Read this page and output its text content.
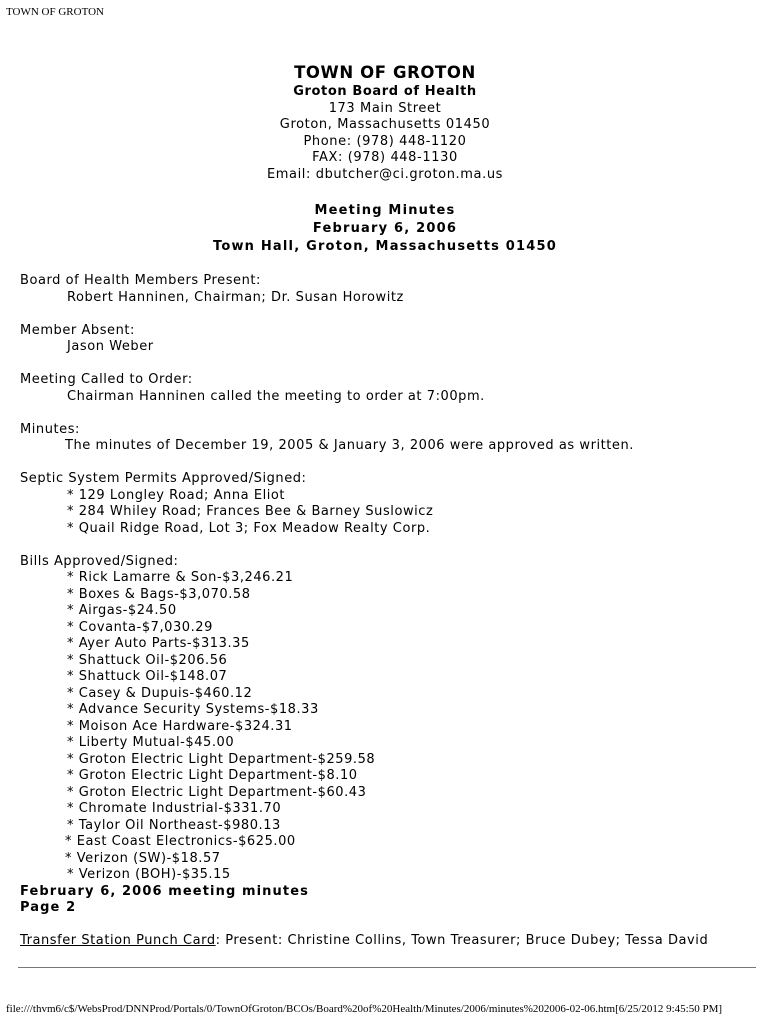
TOWN OF GROTON
TOWN OF GROTON
Groton Board of Health
173 Main Street
Groton, Massachusetts 01450
Phone: (978) 448-1120
FAX: (978) 448-1130
Email: dbutcher@ci.groton.ma.us
Meeting Minutes
February 6, 2006
Town Hall, Groton, Massachusetts 01450
Board of Health Members Present:
Robert Hanninen, Chairman; Dr. Susan Horowitz
Member Absent:
Jason Weber
Meeting Called to Order:
Chairman Hanninen called the meeting to order at 7:00pm.
Minutes:
The minutes of December 19, 2005 & January 3, 2006 were approved as written.
Septic System Permits Approved/Signed:
* 129 Longley Road; Anna Eliot
* 284 Whiley Road; Frances Bee & Barney Suslowicz
* Quail Ridge Road, Lot 3; Fox Meadow Realty Corp.
Bills Approved/Signed:
* Rick Lamarre & Son-$3,246.21
* Boxes & Bags-$3,070.58
* Airgas-$24.50
* Covanta-$7,030.29
* Ayer Auto Parts-$313.35
* Shattuck Oil-$206.56
* Shattuck Oil-$148.07
* Casey & Dupuis-$460.12
* Advance Security Systems-$18.33
* Moison Ace Hardware-$324.31
* Liberty Mutual-$45.00
* Groton Electric Light Department-$259.58
* Groton Electric Light Department-$8.10
* Groton Electric Light Department-$60.43
* Chromate Industrial-$331.70
* Taylor Oil Northeast-$980.13
* East Coast Electronics-$625.00
* Verizon (SW)-$18.57
* Verizon (BOH)-$35.15
February 6, 2006 meeting minutes
Page 2
Transfer Station Punch Card: Present: Christine Collins, Town Treasurer; Bruce Dubey; Tessa David
file:///thvm6/c$/WebsProd/DNNProd/Portals/0/TownOfGroton/BCOs/Board%20of%20Health/Minutes/2006/minutes%202006-02-06.htm[6/25/2012 9:45:50 PM]
